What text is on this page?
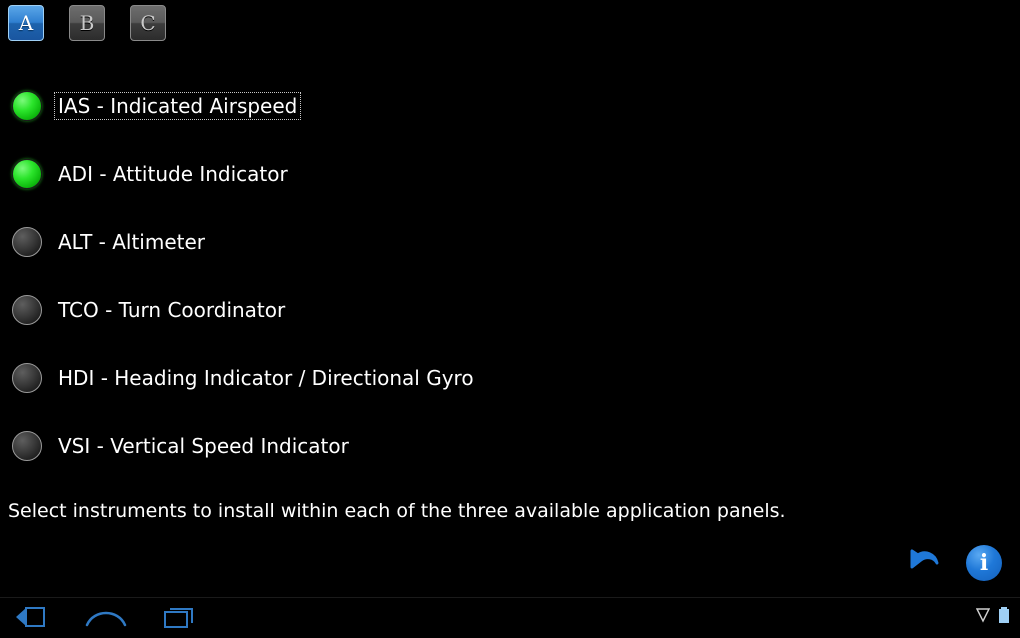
A	B	C
IAS - Indicated Airspeed
ADI - Attitude Indicator
ALT - Altimeter
TCO - Turn Coordinator
HDI - Heading Indicator / Directional Gyro
VSI - Vertical Speed Indicator
Select instruments to install within each of the three available application panels.
i
